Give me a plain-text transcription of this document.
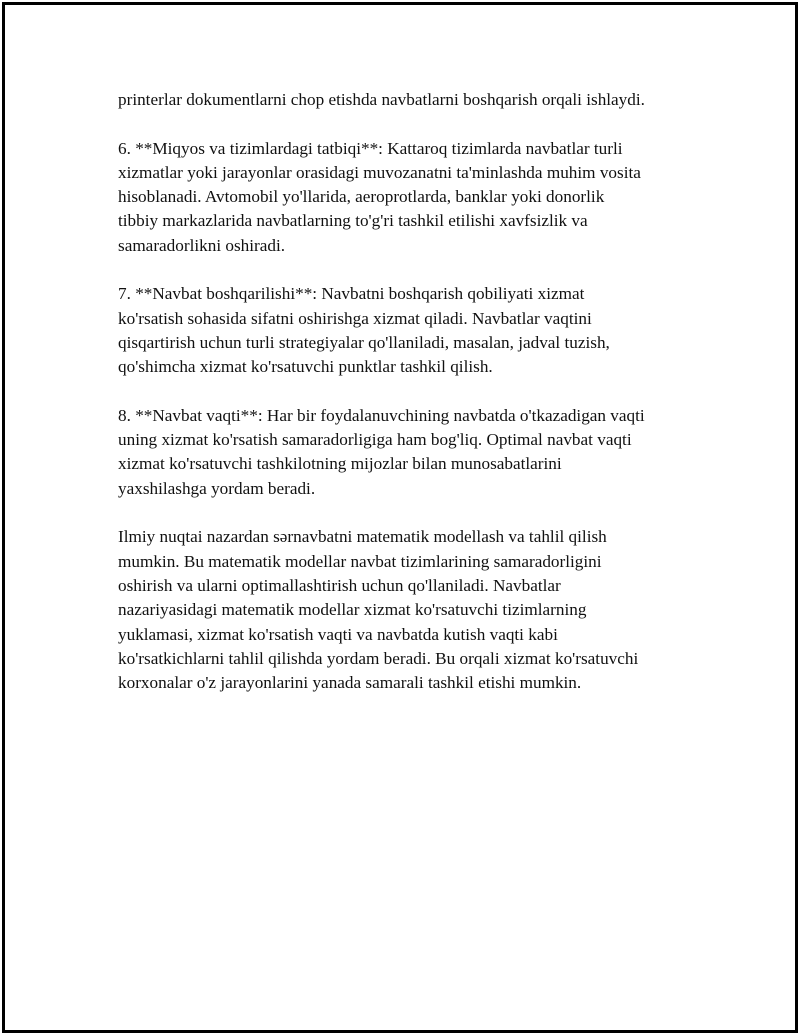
printerlar dokumentlarni chop etishda navbatlarni boshqarish orqali ishlaydi.

6. **Miqyos va tizimlardagi tatbiqi**: Kattaroq tizimlarda navbatlar turli
xizmatlar yoki jarayonlar orasidagi muvozanatni ta'minlashda muhim vosita
hisoblanadi. Avtomobil yo'llarida, aeroprotlarda, banklar yoki donorlik
tibbiy markazlarida navbatlarning to'g'ri tashkil etilishi xavfsizlik va
samaradorlikni oshiradi.

7. **Navbat boshqarilishi**: Navbatni boshqarish qobiliyati xizmat
ko'rsatish sohasida sifatni oshirishga xizmat qiladi. Navbatlar vaqtini
qisqartirish uchun turli strategiyalar qo'llaniladi, masalan, jadval tuzish,
qo'shimcha xizmat ko'rsatuvchi punktlar tashkil qilish.

8. **Navbat vaqti**: Har bir foydalanuvchining navbatda o'tkazadigan vaqti
uning xizmat ko'rsatish samaradorligiga ham bog'liq. Optimal navbat vaqti
xizmat ko'rsatuvchi tashkilotning mijozlar bilan munosabatlarini
yaxshilashga yordam beradi.

Ilmiy nuqtai nazardan sərnavbatni matematik modellash va tahlil qilish
mumkin. Bu matematik modellar navbat tizimlarining samaradorligini
oshirish va ularni optimallashtirish uchun qo'llaniladi. Navbatlar
nazariyasidagi matematik modellar xizmat ko'rsatuvchi tizimlarning
yuklamasi, xizmat ko'rsatish vaqti va navbatda kutish vaqti kabi
ko'rsatkichlarni tahlil qilishda yordam beradi. Bu orqali xizmat ko'rsatuvchi
korxonalar o'z jarayonlarini yanada samarali tashkil etishi mumkin.
